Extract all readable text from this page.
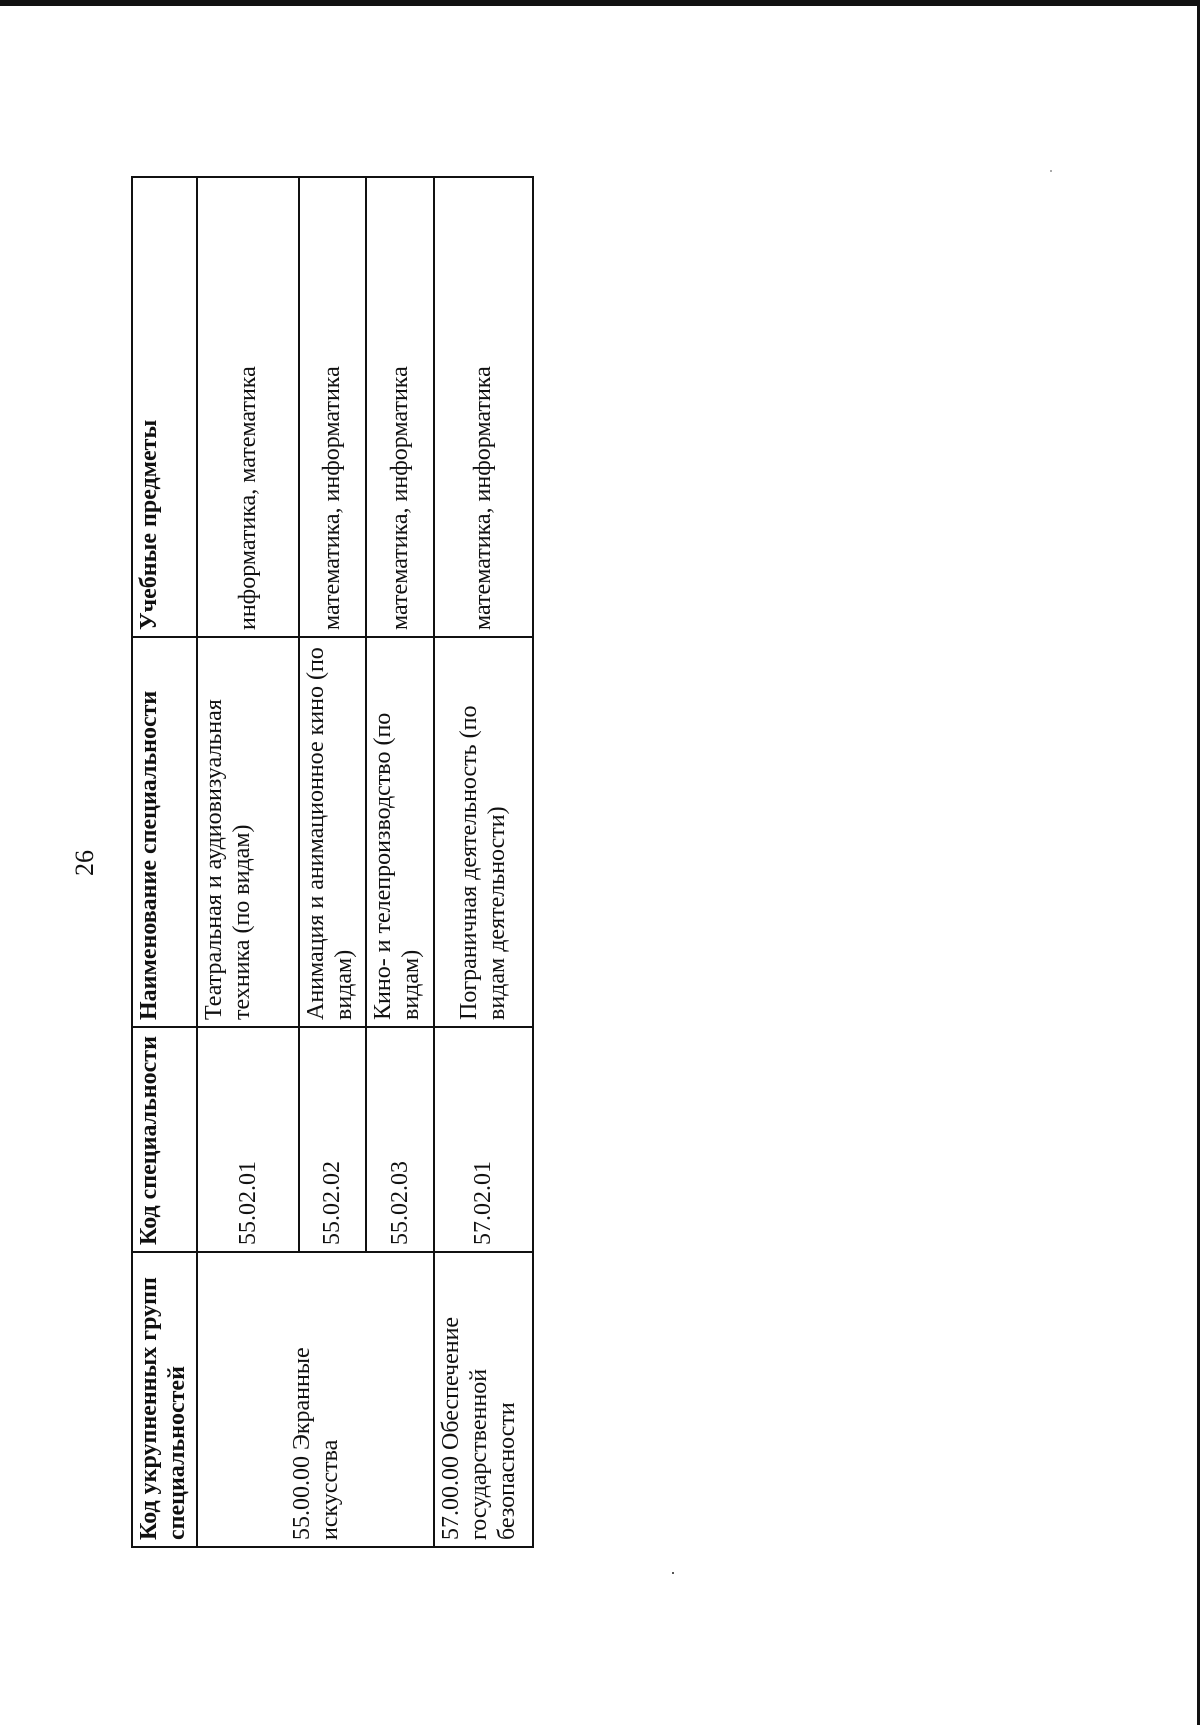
26
Код укрупненных групп специальностей	Код специальности	Наименование специальности	Учебные предметы
55.00.00 Экранные искусства	55.02.01	Театральная и аудиовизуальная техника (по видам)	информатика, математика
	55.02.02	Анимация и анимационное кино (по видам)	математика, информатика
	55.02.03	Кино- и телепроизводство (по видам)	математика, информатика
57.00.00 Обеспечение государственной безопасности	57.02.01	Пограничная деятельность (по видам деятельности)	математика, информатика
